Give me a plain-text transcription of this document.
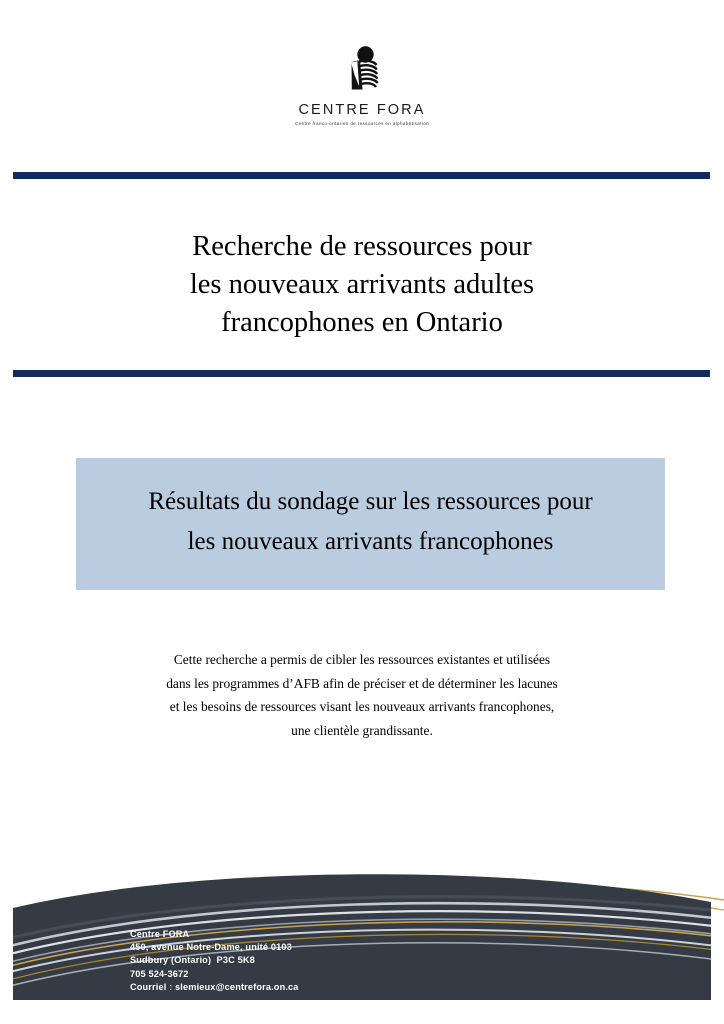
CENTRE FORA
Centre franco-ontarien de ressources en alphabétisation
Recherche de ressources pour
les nouveaux arrivants adultes
francophones en Ontario
Résultats du sondage sur les ressources pour
les nouveaux arrivants francophones
Cette recherche a permis de cibler les ressources existantes et utilisées
dans les programmes d’AFB afin de préciser et de déterminer les lacunes
et les besoins de ressources visant les nouveaux arrivants francophones,
une clientèle grandissante.
Centre FORA
450, avenue Notre-Dame, unité 0103
Sudbury (Ontario)  P3C 5K8
705 524-3672
Courriel : slemieux@centrefora.on.ca
